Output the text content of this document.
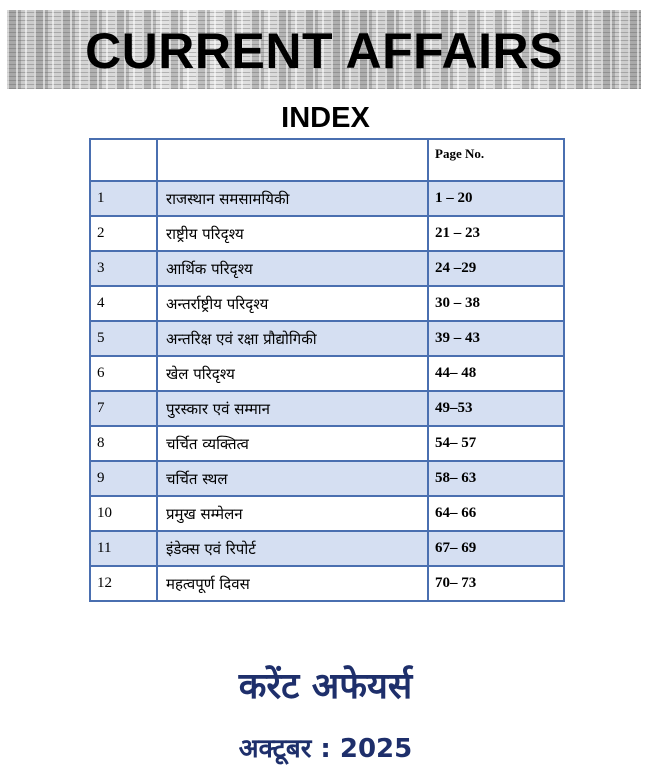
CURRENT AFFAIRS
INDEX
		Page No.
1	राजस्थान समसामयिकी	1 – 20
2	राष्ट्रीय परिदृश्य	21 – 23
3	आर्थिक परिदृश्य	24 –29
4	अन्तर्राष्ट्रीय परिदृश्य	30 – 38
5	अन्तरिक्ष एवं रक्षा प्रौद्योगिकी	39 – 43
6	खेल परिदृश्य	44– 48
7	पुरस्कार एवं सम्मान	49–53
8	चर्चित व्यक्तित्व	54– 57
9	चर्चित स्थल	58– 63
10	प्रमुख सम्मेलन	64– 66
11	इंडेक्स एवं रिपोर्ट	67– 69
12	महत्वपूर्ण दिवस	70– 73
करेंट अफेयर्स
अक्टूबर : 2025
